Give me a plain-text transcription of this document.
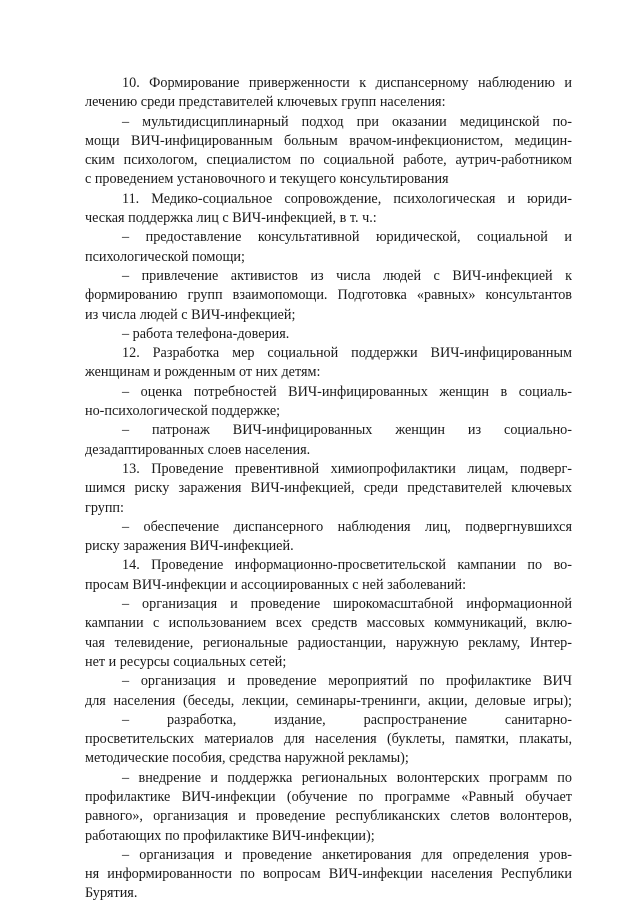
10. Формирование приверженности к диспансерному наблюдению и
лечению среди представителей ключевых групп населения:
– мультидисциплинарный подход при оказании медицинской по-
мощи ВИЧ-инфицированным больным врачом-инфекционистом, медицин-
ским психологом, специалистом по социальной работе, аутрич-работником
с проведением установочного и текущего консультирования
11. Медико-социальное сопровождение, психологическая и юриди-
ческая поддержка лиц с ВИЧ-инфекцией, в т. ч.:
– предоставление консультативной юридической, социальной и
психологической помощи;
– привлечение активистов из числа людей с ВИЧ-инфекцией к
формированию групп взаимопомощи. Подготовка «равных» консультантов
из числа людей с ВИЧ-инфекцией;
– работа телефона-доверия.
12. Разработка мер социальной поддержки ВИЧ-инфицированным
женщинам и рожденным от них детям:
– оценка потребностей ВИЧ-инфицированных женщин в социаль-
но-психологической поддержке;
– патронаж ВИЧ-инфицированных женщин из социально-
дезадаптированных слоев населения.
13. Проведение превентивной химиопрофилактики лицам, подверг-
шимся риску заражения ВИЧ-инфекцией, среди представителей ключевых
групп:
– обеспечение диспансерного наблюдения лиц, подвергнувшихся
риску заражения ВИЧ-инфекцией.
14. Проведение информационно-просветительской кампании по во-
просам ВИЧ-инфекции и ассоциированных с ней заболеваний:
– организация и проведение широкомасштабной информационной
кампании с использованием всех средств массовых коммуникаций, вклю-
чая телевидение, региональные радиостанции, наружную рекламу, Интер-
нет и ресурсы социальных сетей;
– организация и проведение мероприятий по профилактике ВИЧ
для населения (беседы, лекции, семинары-тренинги, акции, деловые игры);
– разработка, издание, распространение санитарно-
просветительских материалов для населения (буклеты, памятки, плакаты,
методические пособия, средства наружной рекламы);
– внедрение и поддержка региональных волонтерских программ по
профилактике ВИЧ-инфекции (обучение по программе «Равный обучает
равного», организация и проведение республиканских слетов волонтеров,
работающих по профилактике ВИЧ-инфекции);
– организация и проведение анкетирования для определения уров-
ня информированности по вопросам ВИЧ-инфекции населения Республики
Бурятия.
